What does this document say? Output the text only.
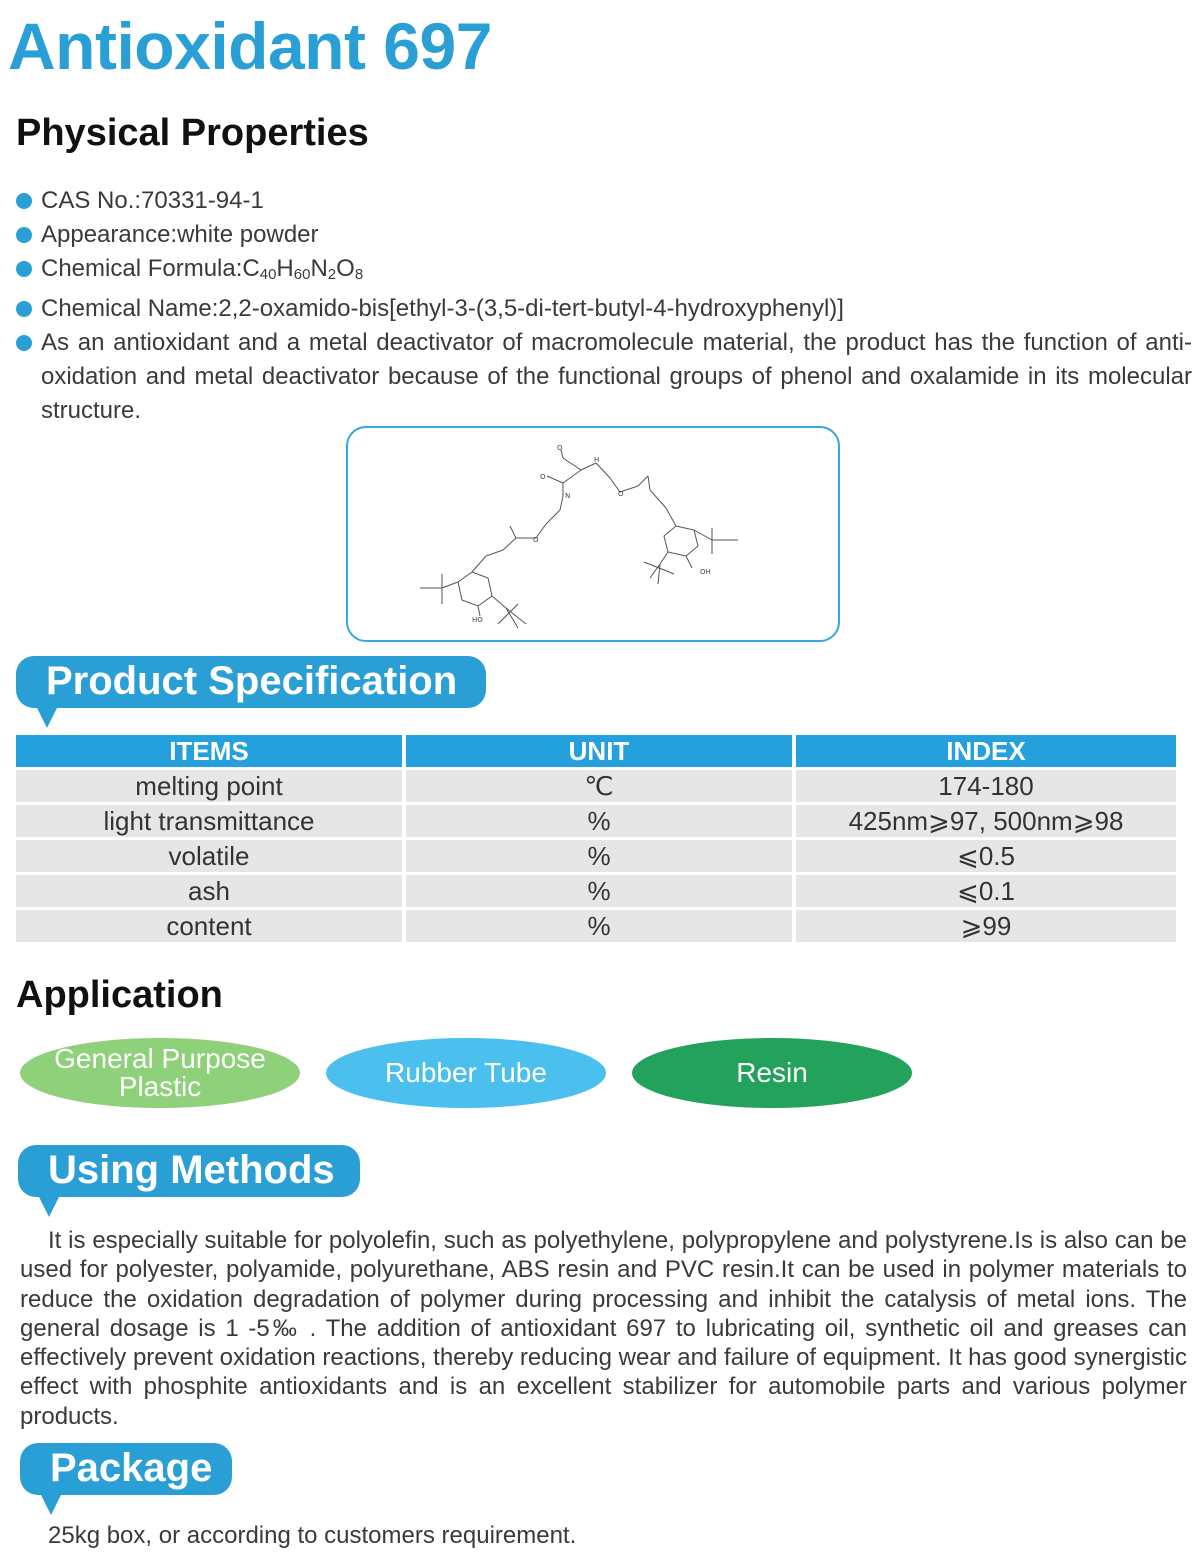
Antioxidant 697
Physical Properties
CAS No.:70331-94-1
Appearance:white powder
Chemical $Formula:C_{40}H_{60}N_2O_8$
Chemical Name:2,2-oxamido-bis[ethyl-3-(3,5-di-tert-butyl-4-hydroxyphenyl)]
As an antioxidant and a metal deactivator of macromolecule material, the product has the function of anti-oxidation and metal deactivator because of the functional groups of phenol and oxalamide in its molecular structure.
O
O
H
N	O
O
HO
OH
Product Specification
ITEMS	UNIT	INDEX
melting point	℃	174-180
light transmittance	%	425nm⩾97, 500nm⩾98
volatile	%	⩽0.5
ash	%	⩽0.1
content	%	⩾99
Application
General Purpose Plastic	Rubber Tube	Resin
Using Methods
It is especially suitable for polyolefin, such as polyethylene, polypropylene and polystyrene.Is is also can be used for polyester, polyamide, polyurethane, ABS resin and PVC resin.It can be used in polymer materials to reduce the oxidation degradation of polymer during processing and inhibit the catalysis of metal ions. The general dosage is 1 -5‰ . The addition of antioxidant 697 to lubricating oil, synthetic oil and greases can effectively prevent oxidation reactions, thereby reducing wear and failure of equipment. It has good synergistic effect with phosphite antioxidants and is an excellent stabilizer for automobile parts and various polymer products.
Package
25kg box, or according to customers requirement.
